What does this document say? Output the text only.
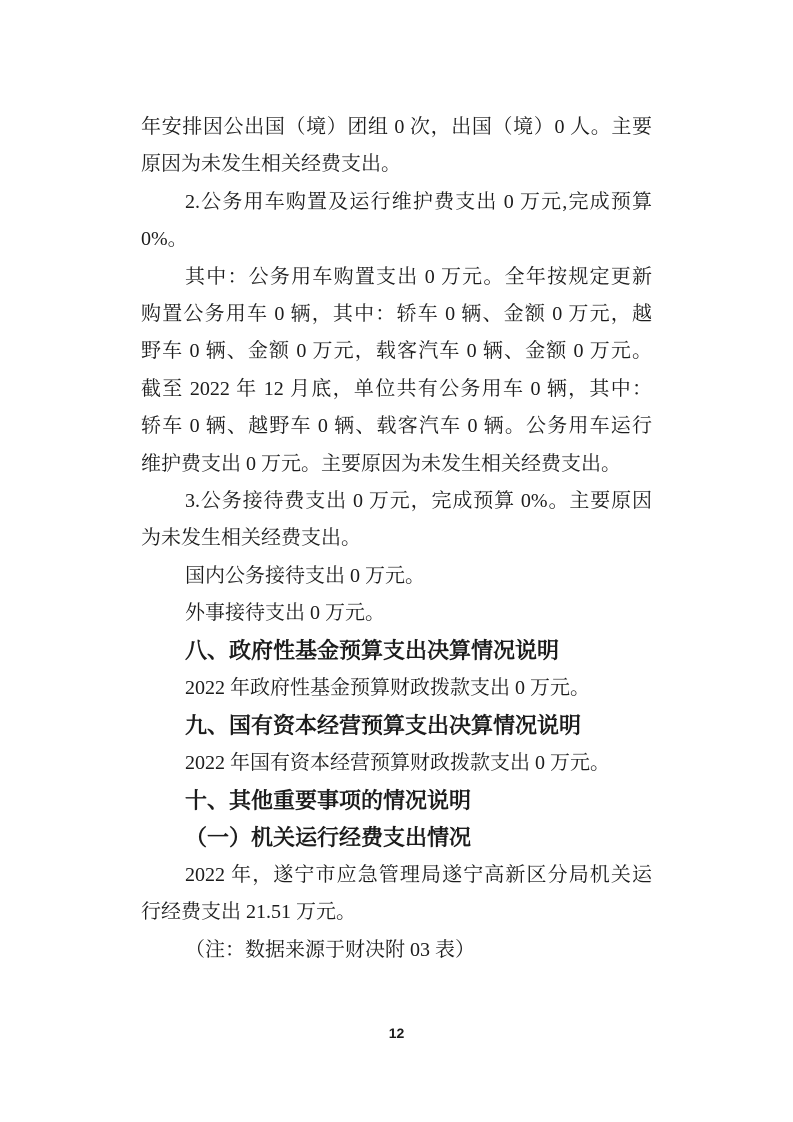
年安排因公出国（境）团组 0 次，出国（境）0 人。主要
原因为未发生相关经费支出。
2.公务用车购置及运行维护费支出 0 万元,完成预算
0%。
其中：公务用车购置支出 0 万元。全年按规定更新
购置公务用车 0 辆，其中：轿车 0 辆、金额 0 万元，越
野车 0 辆、金额 0 万元，载客汽车 0 辆、金额 0 万元。
截至 2022 年 12 月底，单位共有公务用车 0 辆，其中：
轿车 0 辆、越野车 0 辆、载客汽车 0 辆。公务用车运行
维护费支出 0 万元。主要原因为未发生相关经费支出。
3.公务接待费支出 0 万元，完成预算 0%。主要原因
为未发生相关经费支出。
国内公务接待支出 0 万元。
外事接待支出 0 万元。
八、政府性基金预算支出决算情况说明
2022 年政府性基金预算财政拨款支出 0 万元。
九、国有资本经营预算支出决算情况说明
2022 年国有资本经营预算财政拨款支出 0 万元。
十、其他重要事项的情况说明
（一）机关运行经费支出情况
2022 年，遂宁市应急管理局遂宁高新区分局机关运
行经费支出 21.51 万元。
（注：数据来源于财决附 03 表）
12
